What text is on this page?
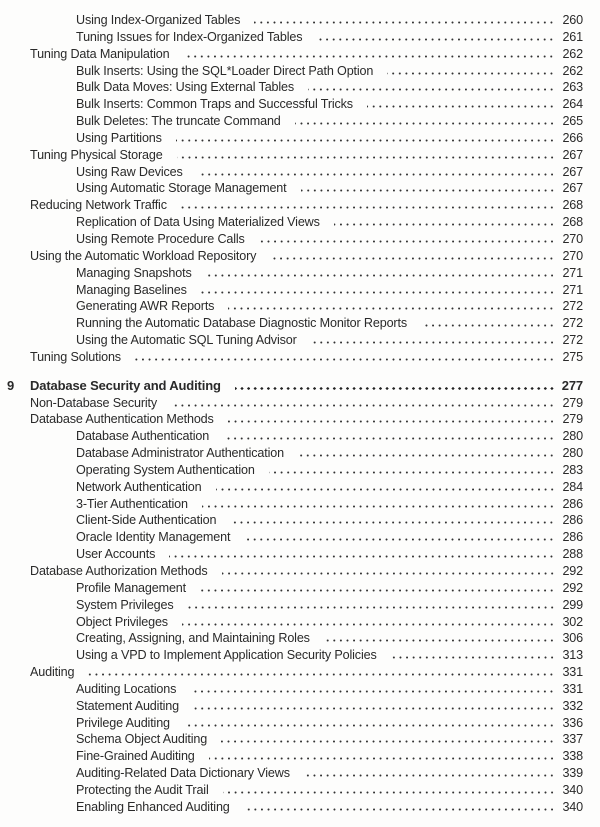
Using Index-Organized Tables	260
Tuning Issues for Index-Organized Tables	261
Tuning Data Manipulation	262
Bulk Inserts: Using the SQL*Loader Direct Path Option	262
Bulk Data Moves: Using External Tables	263
Bulk Inserts: Common Traps and Successful Tricks	264
Bulk Deletes: The truncate Command	265
Using Partitions	266
Tuning Physical Storage	267
Using Raw Devices	267
Using Automatic Storage Management	267
Reducing Network Traffic	268
Replication of Data Using Materialized Views	268
Using Remote Procedure Calls	270
Using the Automatic Workload Repository	270
Managing Snapshots	271
Managing Baselines	271
Generating AWR Reports	272
Running the Automatic Database Diagnostic Monitor Reports	272
Using the Automatic SQL Tuning Advisor	272
Tuning Solutions	275
9	Database Security and Auditing	277
Non-Database Security	279
Database Authentication Methods	279
Database Authentication	280
Database Administrator Authentication	280
Operating System Authentication	283
Network Authentication	284
3-Tier Authentication	286
Client-Side Authentication	286
Oracle Identity Management	286
User Accounts	288
Database Authorization Methods	292
Profile Management	292
System Privileges	299
Object Privileges	302
Creating, Assigning, and Maintaining Roles	306
Using a VPD to Implement Application Security Policies	313
Auditing	331
Auditing Locations	331
Statement Auditing	332
Privilege Auditing	336
Schema Object Auditing	337
Fine-Grained Auditing	338
Auditing-Related Data Dictionary Views	339
Protecting the Audit Trail	340
Enabling Enhanced Auditing	340
